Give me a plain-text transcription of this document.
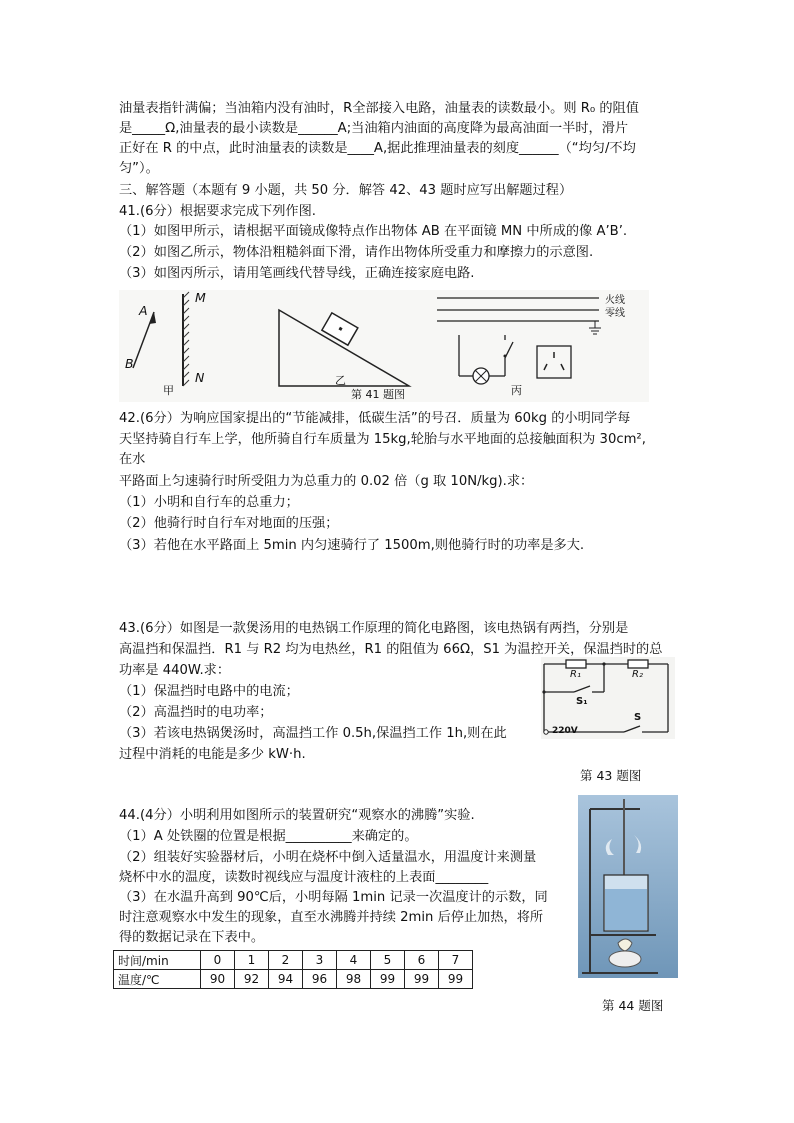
油量表指针满偏；当油箱内没有油时，R全部接入电路，油量表的读数最小。则 R₀ 的阻值
是_____Ω,油量表的最小读数是______A;当油箱内油面的高度降为最高油面一半时，滑片
正好在 R 的中点，此时油量表的读数是____A,据此推理油量表的刻度______（“均匀/不均
匀”）。
三、解答题（本题有 9 小题，共 50 分．解答 42、43 题时应写出解题过程）
41.(6分）根据要求完成下列作图.
（1）如图甲所示，请根据平面镜成像特点作出物体 AB 在平面镜 MN 中所成的像 A’B’.
（2）如图乙所示，物体沿粗糙斜面下滑，请作出物体所受重力和摩擦力的示意图.
（3）如图丙所示，请用笔画线代替导线，正确连接家庭电路.
A
B
M
N
甲
乙
第 41 题图	丙
火线
零线
42.(6分）为响应国家提出的“节能减排，低碳生活”的号召．质量为 60kg 的小明同学每
天坚持骑自行车上学，他所骑自行车质量为 15kg,轮胎与水平地面的总接触面积为 30cm²,
在水
平路面上匀速骑行时所受阻力为总重力的 0.02 倍（g 取 10N/kg).求：
（1）小明和自行车的总重力；
（2）他骑行时自行车对地面的压强；
（3）若他在水平路面上 5min 内匀速骑行了 1500m,则他骑行时的功率是多大.
43.(6分）如图是一款煲汤用的电热锅工作原理的简化电路图，该电热锅有两挡，分别是
高温挡和保温挡．R1 与 R2 均为电热丝，R1 的阻值为 66Ω，S1 为温控开关，保温挡时的总
功率是 440W.求：
（1）保温挡时电路中的电流；
（2）高温挡时的电功率；
（3）若该电热锅煲汤时，高温挡工作 0.5h,保温挡工作 1h,则在此
过程中消耗的电能是多少 kW·h.
R₁	R₂
S₁
S
220V
第 43 题图
44.(4分）小明利用如图所示的装置研究“观察水的沸腾”实验.
（1）A 处铁圈的位置是根据__________来确定的。
（2）组装好实验器材后，小明在烧杯中倒入适量温水，用温度计来测量
烧杯中水的温度，读数时视线应与温度计液柱的上表面________
（3）在水温升高到 90℃后，小明每隔 1min 记录一次温度计的示数，同
时注意观察水中发生的现象，直至水沸腾并持续 2min 后停止加热，将所
得的数据记录在下表中。
第 44 题图
时间/min	0	1	2	3	4	5	6	7
温度/℃	90	92	94	96	98	99	99	99
